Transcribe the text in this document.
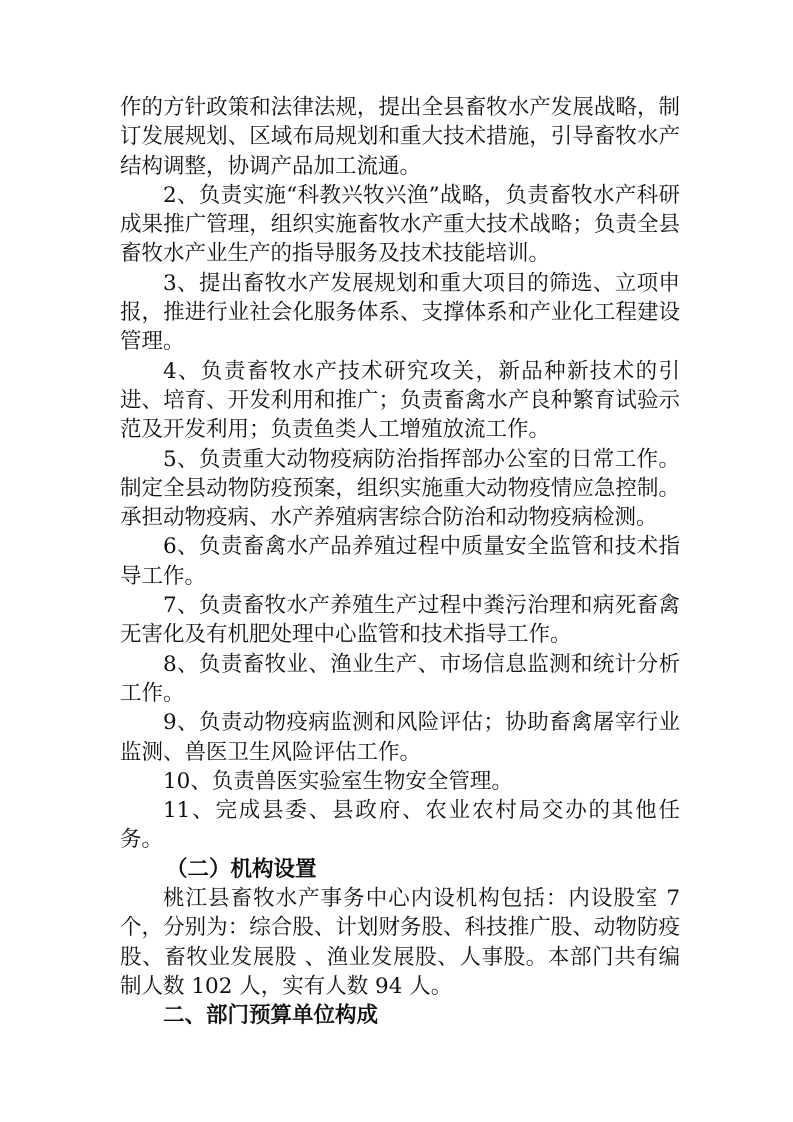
作的方针政策和法律法规，提出全县畜牧水产发展战略，制订发展规划、区域布局规划和重大技术措施，引导畜牧水产结构调整，协调产品加工流通。

2、负责实施“科教兴牧兴渔”战略，负责畜牧水产科研成果推广管理，组织实施畜牧水产重大技术战略；负责全县畜牧水产业生产的指导服务及技术技能培训。

3、提出畜牧水产发展规划和重大项目的筛选、立项申报，推进行业社会化服务体系、支撑体系和产业化工程建设管理。

4、负责畜牧水产技术研究攻关，新品种新技术的引进、培育、开发利用和推广；负责畜禽水产良种繁育试验示范及开发利用；负责鱼类人工增殖放流工作。

5、负责重大动物疫病防治指挥部办公室的日常工作。制定全县动物防疫预案，组织实施重大动物疫情应急控制。承担动物疫病、水产养殖病害综合防治和动物疫病检测。

6、负责畜禽水产品养殖过程中质量安全监管和技术指导工作。

7、负责畜牧水产养殖生产过程中粪污治理和病死畜禽无害化及有机肥处理中心监管和技术指导工作。

8、负责畜牧业、渔业生产、市场信息监测和统计分析工作。

9、负责动物疫病监测和风险评估；协助畜禽屠宰行业监测、兽医卫生风险评估工作。

10、负责兽医实验室生物安全管理。

11、完成县委、县政府、农业农村局交办的其他任务。

（二）机构设置

桃江县畜牧水产事务中心内设机构包括：内设股室 7 个，分别为：综合股、计划财务股、科技推广股、动物防疫股、畜牧业发展股 、渔业发展股、人事股。本部门共有编制人数 102 人，实有人数 94 人。

二、部门预算单位构成
